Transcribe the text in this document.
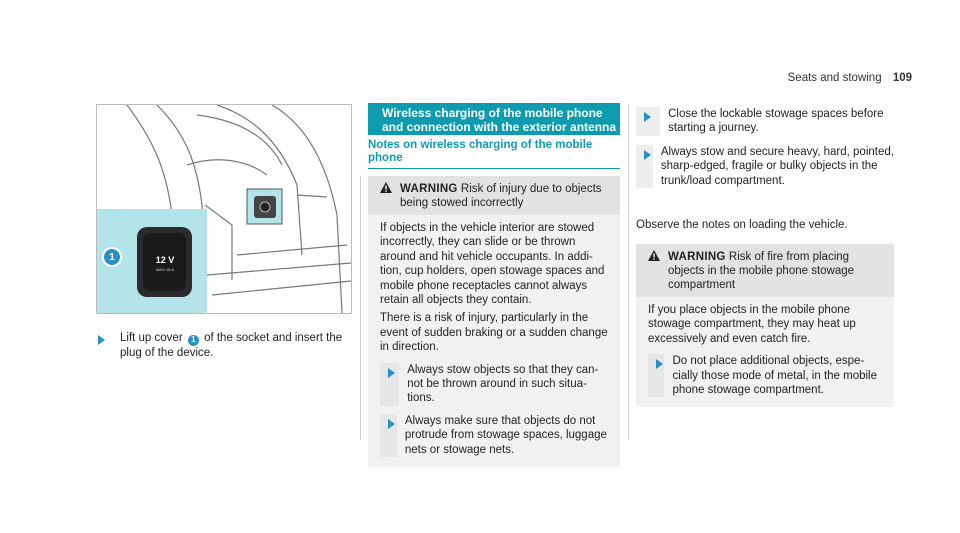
Seats and stowing 109
12 V
MAX 15 A
1
Lift up cover 1 of the socket and insert the plug of the device.
Wireless charging of the mobile phone and connection with the exterior antenna
Notes on wireless charging of the mobile phone
WARNING Risk of injury due to objects being stowed incorrectly

If objects in the vehicle interior are stowed incorrectly, they can slide or be thrown around and hit vehicle occupants. In addi-tion, cup holders, open stowage spaces and mobile phone receptacles cannot always retain all objects they contain.

There is a risk of injury, particularly in the event of sudden braking or a sudden change in direction.

Always stow objects so that they can-not be thrown around in such situa-tions.
Always make sure that objects do not protrude from stowage spaces, luggage nets or stowage nets.
Close the lockable stowage spaces before starting a journey.
Always stow and secure heavy, hard, pointed, sharp-edged, fragile or bulky objects in the trunk/load compartment.
Observe the notes on loading the vehicle.
WARNING Risk of fire from placing objects in the mobile phone stowage compartment

If you place objects in the mobile phone stowage compartment, they may heat up excessively and even catch fire.

Do not place additional objects, espe-cially those mode of metal, in the mobile phone stowage compartment.
